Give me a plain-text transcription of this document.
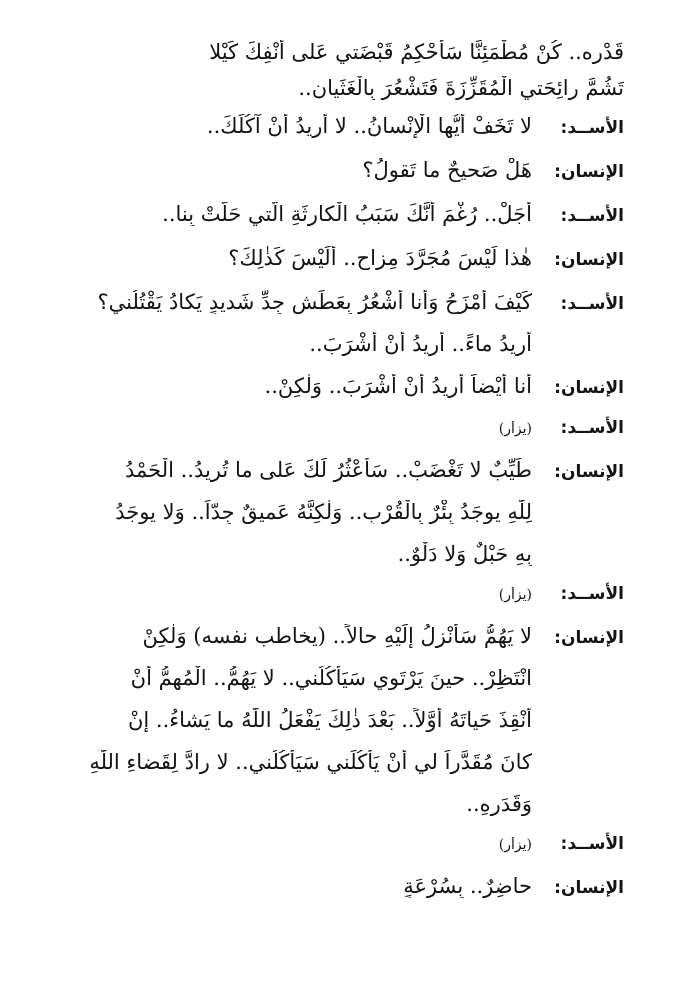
قَدْرِه.. كُنْ مُطْمَئِنًّا سَأُحْكِمُ قَبْضَتي عَلى أَنْفِكَ كَيْلا
تَشُمَّ رائِحَتي الْمُقَزِّزَةَ فَتَشْعُرَ بِالْغَثَيان..
الأســد:
لا تَخَفْ أَيُّها الْإِنْسانُ.. لا أُريدُ أَنْ آكُلَكَ..
الإنسان:
هَلْ صَحيحٌ ما تَقولُ؟
الأســد:
أَجَلْ.. رُغْمَ أَنَّكَ سَبَبُ الْكارِثَةِ الَّتي حَلَّتْ بِنا..
الإنسان:
هٰذا لَيْسَ مُجَرَّدَ مِزاحٍ.. أَلَيْسَ كَذٰلِكَ؟
الأســد:
كَيْفَ أَمْزَحُ وَأَنا أَشْعُرُ بِعَطَشٍ جِدِّ شَديدٍ يَكادُ يَقْتُلُني؟
أُريدُ ماءً.. أُريدُ أَنْ أَشْرَبَ..
الإنسان:
أَنا أَيْضاً أُريدُ أَنْ أَشْرَبَ.. وَلٰكِنْ..
الأســد:
(يزأر)
الإنسان:
طَيِّبٌ لا تَغْضَبْ.. سَأَعْثُرُ لَكَ عَلى ما تُريدُ.. الْحَمْدُ
لِلّٰهِ يوجَدُ بِئْرٌ بِالْقُرْبِ.. وَلٰكِنَّهُ عَميقٌ جِدّاً.. وَلا يوجَدُ
بِهِ حَبْلٌ وَلا دَلْوٌ..
الأســد:
(يزأر)
الإنسان:
لا يَهُمُّ سَأَنْزِلُ إِلَيْهِ حالاً.. (يخاطب نفسه) وَلٰكِنْ
انْتَظِرْ.. حينَ يَرْتَوي سَيَأْكُلُني.. لا يَهُمُّ.. الْمُهِمُّ أَنْ
أُنْقِذَ حَياتَهُ أَوَّلاً.. بَعْدَ ذٰلِكَ يَفْعَلُ اللّٰهُ ما يَشاءُ.. إِنْ
كانَ مُقَدَّراً لي أَنْ يَأْكُلَني سَيَأْكُلُني.. لا رادَّ لِقَضاءِ اللّٰهِ
وَقَدَرِهِ..
الأســد:
(يزأر)
الإنسان:
حاضِرٌ.. بِسُرْعَةٍ
